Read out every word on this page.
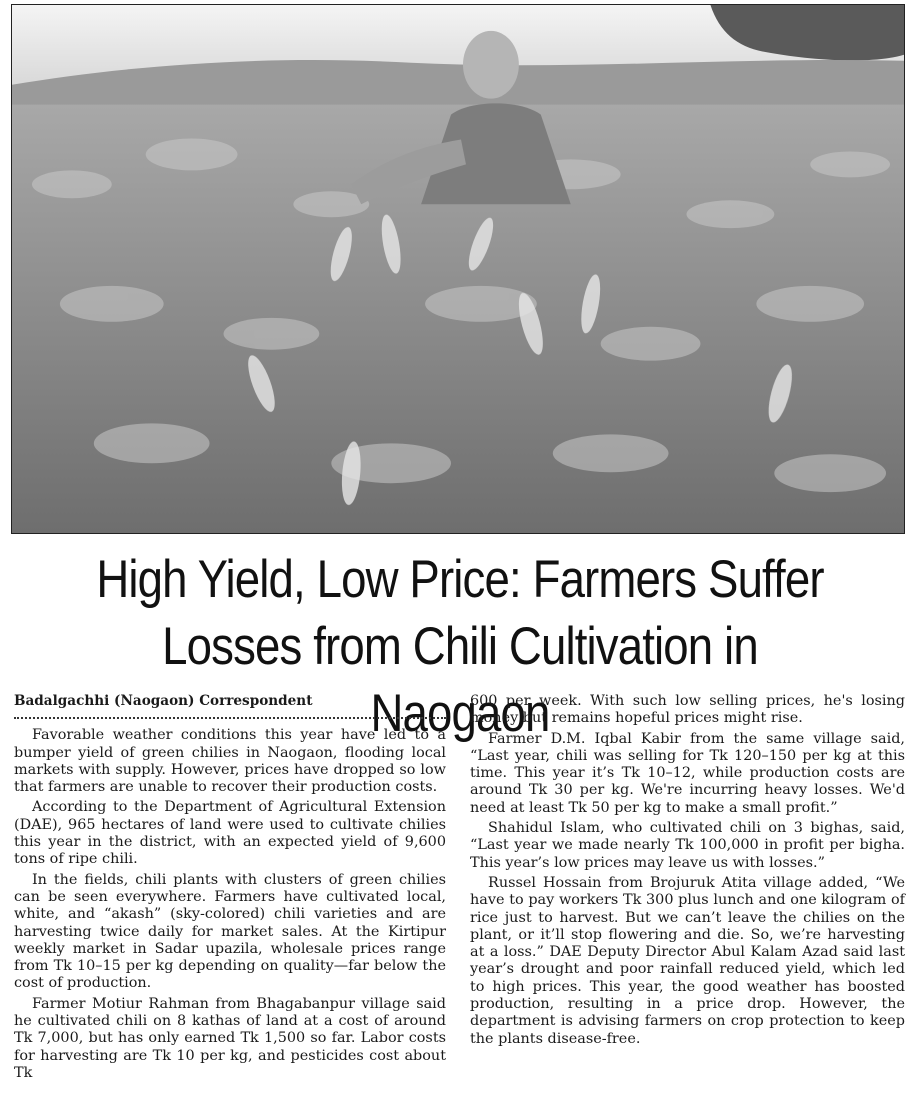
High Yield, Low Price: Farmers Suffer
Losses from Chili Cultivation in Naogaon
Badalgachhi (Naogaon) Correspondent

Favorable weather conditions this year have led to a bumper yield of green chilies in Naogaon, flooding local markets with supply. However, prices have dropped so low that farmers are unable to recover their production costs.

According to the Department of Agricultural Extension (DAE), 965 hectares of land were used to cultivate chilies this year in the district, with an expected yield of 9,600 tons of ripe chili.

In the fields, chili plants with clusters of green chilies can be seen everywhere. Farmers have cultivated local, white, and “akash” (sky-colored) chili varieties and are harvesting twice daily for market sales. At the Kirtipur weekly market in Sadar upazila, wholesale prices range from Tk 10–15 per kg depending on quality—far below the cost of production.

Farmer Motiur Rahman from Bhagabanpur village said he cultivated chili on 8 kathas of land at a cost of around Tk 7,000, but has only earned Tk 1,500 so far. Labor costs for harvesting are Tk 10 per kg, and pesticides cost about Tk

600 per week. With such low selling prices, he's losing money but remains hopeful prices might rise.

Farmer D.M. Iqbal Kabir from the same village said, “Last year, chili was selling for Tk 120–150 per kg at this time. This year it’s Tk 10–12, while production costs are around Tk 30 per kg. We're incurring heavy losses. We'd need at least Tk 50 per kg to make a small profit.”

Shahidul Islam, who cultivated chili on 3 bighas, said, “Last year we made nearly Tk 100,000 in profit per bigha. This year’s low prices may leave us with losses.”

Russel Hossain from Brojuruk Atita village added, “We have to pay workers Tk 300 plus lunch and one kilogram of rice just to harvest. But we can’t leave the chilies on the plant, or it’ll stop flowering and die. So, we’re harvesting at a loss.” DAE Deputy Director Abul Kalam Azad said last year’s drought and poor rainfall reduced yield, which led to high prices. This year, the good weather has boosted production, resulting in a price drop. However, the department is advising farmers on crop protection to keep the plants disease-free.
